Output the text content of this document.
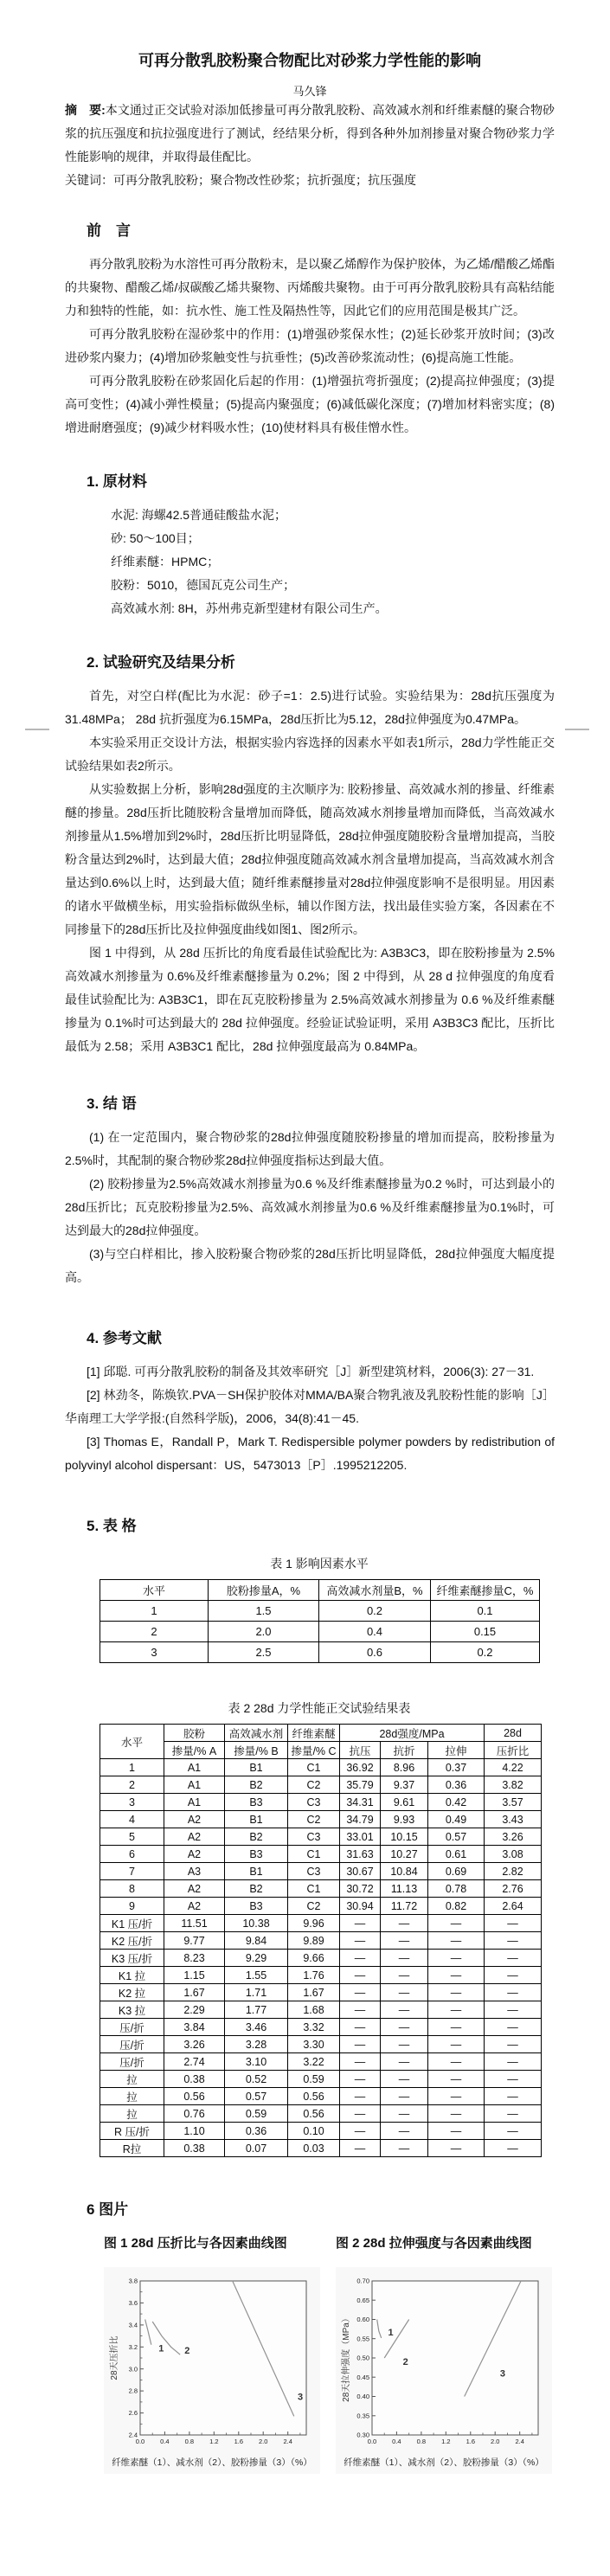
可再分散乳胶粉聚合物配比对砂浆力学性能的影响
马久锋

摘　要:本文通过正交试验对添加低掺量可再分散乳胶粉、高效减水剂和纤维素醚的聚合物砂浆的抗压强度和抗拉强度进行了测试，经结果分析，得到各种外加剂掺量对聚合物砂浆力学性能影响的规律，并取得最佳配比。

关键词：可再分散乳胶粉；聚合物改性砂浆；抗折强度；抗压强度

前　言

再分散乳胶粉为水溶性可再分散粉末，是以聚乙烯醇作为保护胶体，为乙烯/醋酸乙烯酯的共聚物、醋酸乙烯/叔碳酸乙烯共聚物、丙烯酸共聚物。由于可再分散乳胶粉具有高粘结能力和独特的性能，如：抗水性、施工性及隔热性等，因此它们的应用范围是极其广泛。

可再分散乳胶粉在湿砂浆中的作用：(1)增强砂浆保水性；(2)延长砂浆开放时间；(3)改进砂浆内聚力；(4)增加砂浆触变性与抗垂性；(5)改善砂浆流动性；(6)提高施工性能。

可再分散乳胶粉在砂浆固化后起的作用：(1)增强抗弯折强度；(2)提高拉伸强度；(3)提高可变性；(4)减小弹性模量；(5)提高内聚强度；(6)减低碳化深度；(7)增加材料密实度；(8)增进耐磨强度；(9)减少材料吸水性；(10)使材料具有极佳憎水性。

1. 原材料

水泥: 海螺42.5普通硅酸盐水泥；

砂: 50～100目；

纤维素醚：HPMC；

胶粉：5010，德国瓦克公司生产；

高效减水剂: 8H，苏州弗克新型建材有限公司生产。

2. 试验研究及结果分析

首先，对空白样(配比为水泥：砂子=1：2.5)进行试验。实验结果为：28d抗压强度为31.48MPa； 28d 抗折强度为6.15MPa，28d压折比为5.12，28d拉伸强度为0.47MPa。

本实验采用正交设计方法，根据实验内容选择的因素水平如表1所示，28d力学性能正交试验结果如表2所示。

从实验数据上分析，影响28d强度的主次顺序为: 胶粉掺量、高效减水剂的掺量、纤维素醚的掺量。28d压折比随胶粉含量增加而降低，随高效减水剂掺量增加而降低，当高效减水剂掺量从1.5%增加到2%时，28d压折比明显降低，28d拉伸强度随胶粉含量增加提高，当胶粉含量达到2%时，达到最大值；28d拉伸强度随高效减水剂含量增加提高，当高效减水剂含量达到0.6%以上时，达到最大值；随纤维素醚掺量对28d拉伸强度影响不是很明显。用因素的诸水平做横坐标，用实验指标做纵坐标，辅以作图方法，找出最佳实验方案，各因素在不同掺量下的28d压折比及拉伸强度曲线如图1、图2所示。

图 1 中得到，从 28d 压折比的角度看最佳试验配比为: A3B3C3，即在胶粉掺量为 2.5%高效减水剂掺量为 0.6%及纤维素醚掺量为 0.2%；图 2 中得到，从 28 d 拉伸强度的角度看最佳试验配比为: A3B3C1，即在瓦克胶粉掺量为 2.5%高效减水剂掺量为 0.6 %及纤维素醚掺量为 0.1%时可达到最大的 28d 拉伸强度。经验证试验证明，采用 A3B3C3 配比，压折比最低为 2.58；采用 A3B3C1 配比，28d 拉伸强度最高为 0.84MPa。

3. 结 语

(1) 在一定范围内，聚合物砂浆的28d拉伸强度随胶粉掺量的增加而提高，胶粉掺量为2.5%时，其配制的聚合物砂浆28d拉伸强度指标达到最大值。

(2) 胶粉掺量为2.5%高效减水剂掺量为0.6 %及纤维素醚掺量为0.2 %时，可达到最小的28d压折比；瓦克胶粉掺量为2.5%、高效减水剂掺量为0.6 %及纤维素醚掺量为0.1%时，可达到最大的28d拉伸强度。

(3)与空白样相比，掺入胶粉聚合物砂浆的28d压折比明显降低，28d拉伸强度大幅度提高。

4. 参考文献

[1] 邱聪. 可再分散乳胶粉的制备及其效率研究［J］新型建筑材料，2006(3): 27－31.

[2] 林劲冬，陈焕钦.PVA－SH保护胶体对MMA/BA聚合物乳液及乳胶粉性能的影响［J］华南理工大学学报:(自然科学版)，2006，34(8):41－45.

[3] Thomas E，Randall P，Mark T. Redispersible polymer powders by redistribution of polyvinyl alcohol dispersant：US，5473013［P］.1995212205.

5. 表 格
表 1 影响因素水平
水平	胶粉掺量A，%	高效减水剂量B，%	纤维素醚掺量C，%
1	1.5	0.2	0.1
2	2.0	0.4	0.15
3	2.5	0.6	0.2
表 2 28d 力学性能正交试验结果表
水平	胶粉	高效减水剂	纤维素醚	28d强度/MPa			28d
	掺量/% A	掺量/% B	掺量/% C	抗压	抗折	拉伸	压折比
1	A1	B1	C1	36.92	8.96	0.37	4.22
2	A1	B2	C2	35.79	9.37	0.36	3.82
3	A1	B3	C3	34.31	9.61	0.42	3.57
4	A2	B1	C2	34.79	9.93	0.49	3.43
5	A2	B2	C3	33.01	10.15	0.57	3.26
6	A2	B3	C1	31.63	10.27	0.61	3.08
7	A3	B1	C3	30.67	10.84	0.69	2.82
8	A2	B2	C1	30.72	11.13	0.78	2.76
9	A2	B3	C2	30.94	11.72	0.82	2.64
K1 压/折	11.51	10.38	9.96	—	—	—	—
K2 压/折	9.77	9.84	9.89	—	—	—	—
K3 压/折	8.23	9.29	9.66	—	—	—	—
K1 拉	1.15	1.55	1.76	—	—	—	—
K2 拉	1.67	1.71	1.67	—	—	—	—
K3 拉	2.29	1.77	1.68	—	—	—	—
压/折	3.84	3.46	3.32	—	—	—	—
压/折	3.26	3.28	3.30	—	—	—	—
压/折	2.74	3.10	3.22	—	—	—	—
拉	0.38	0.52	0.59	—	—	—	—
拉	0.56	0.57	0.56	—	—	—	—
拉	0.76	0.59	0.56	—	—	—	—
R 压/折	1.10	0.36	0.10	—	—	—	—
R拉	0.38	0.07	0.03	—	—	—	—
6 图片
图 1 28d 压折比与各因素曲线图
0.0 0.4 0.8 1.2 1.6 2.0 2.4
2.4
2.6
2.8
3.0
3.2
3.4
3.6
3.8
28天压折比	1 2
3
纤维素醚（1）、减水剂（2）、胶粉掺量（3）（%）
图 2 28d 拉伸强度与各因素曲线图
0.0 0.4 0.8 1.2 1.6 2.0 2.4
0.30
0.35
0.40
0.45
0.50
0.55
0.60
0.65
0.70
28天拉伸强度（MPa）	1
2
3
纤维素醚（1）、减水剂（2）、胶粉掺量（3）（%）
